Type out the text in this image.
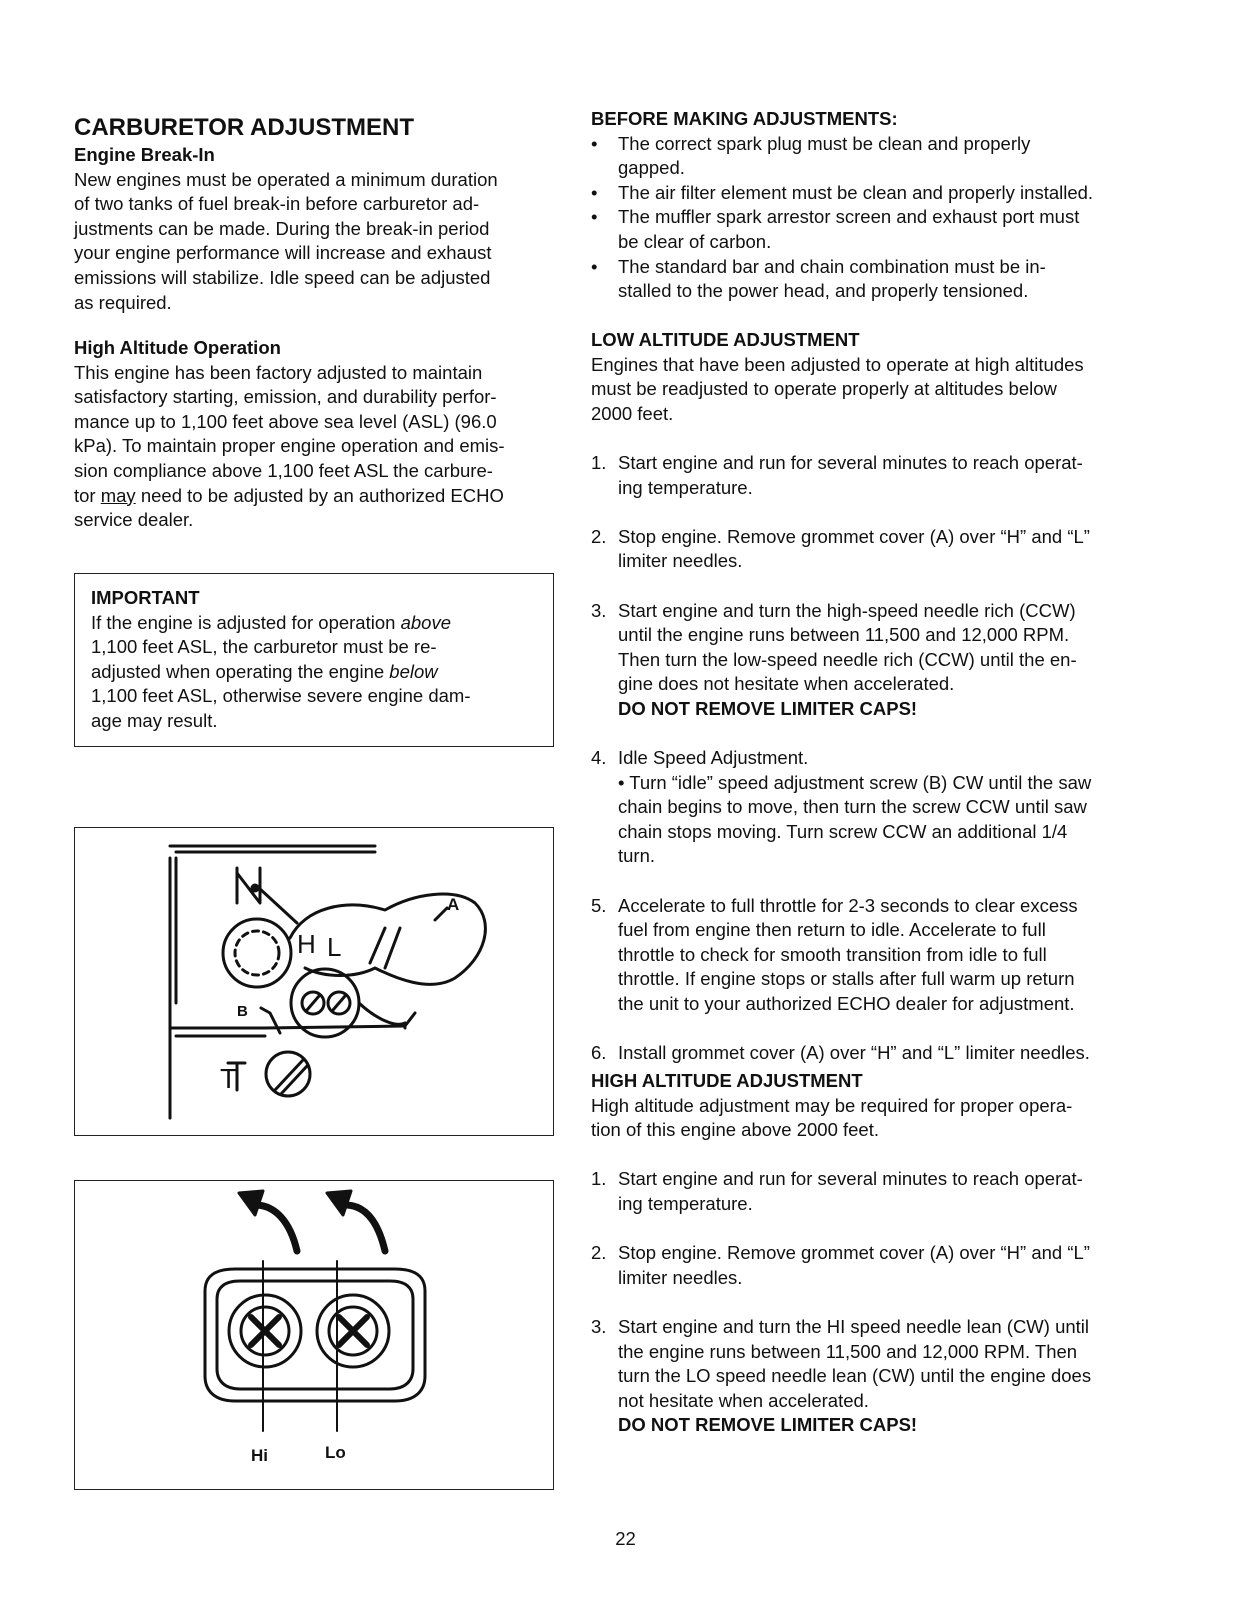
CARBURETOR ADJUSTMENT
Engine Break-In
New engines must be operated a minimum duration
of two tanks of fuel break-in before carburetor ad-
justments can be made. During the break-in period
your engine performance will increase and exhaust
emissions will stabilize. Idle speed can be adjusted
as required.
High Altitude Operation
This engine has been factory adjusted to maintain
satisfactory starting, emission, and durability perfor-
mance up to 1,100 feet above sea level (ASL) (96.0
kPa). To maintain proper engine operation and emis-
sion compliance above 1,100 feet ASL the carbure-
tor may need to be adjusted by an authorized ECHO
service dealer.
IMPORTANT
If the engine is adjusted for operation above
1,100 feet ASL, the carburetor must be re-
adjusted when operating the engine below
1,100 feet ASL, otherwise severe engine dam-
age may result.
A
B
H L
T
Hi	Lo
BEFORE MAKING ADJUSTMENTS:
• The correct spark plug must be clean and properly
gapped.
• The air filter element must be clean and properly installed.
• The muffler spark arrestor screen and exhaust port must
be clear of carbon.
• The standard bar and chain combination must be in-
stalled to the power head, and properly tensioned.
LOW ALTITUDE ADJUSTMENT
Engines that have been adjusted to operate at high altitudes
must be readjusted to operate properly at altitudes below
2000 feet.
1. Start engine and run for several minutes to reach operat-
ing temperature.
2. Stop engine. Remove grommet cover (A) over “H” and “L”
limiter needles.
3. Start engine and turn the high-speed needle rich (CCW)
until the engine runs between 11,500 and 12,000 RPM.
Then turn the low-speed needle rich (CCW) until the en-
gine does not hesitate when accelerated.
DO NOT REMOVE LIMITER CAPS!
4. Idle Speed Adjustment.
• Turn “idle” speed adjustment screw (B) CW until the saw
chain begins to move, then turn the screw CCW until saw
chain stops moving. Turn screw CCW an additional 1/4
turn.
5. Accelerate to full throttle for 2-3 seconds to clear excess
fuel from engine then return to idle. Accelerate to full
throttle to check for smooth transition from idle to full
throttle. If engine stops or stalls after full warm up return
the unit to your authorized ECHO dealer for adjustment.
6. Install grommet cover (A) over “H” and “L” limiter needles.
HIGH ALTITUDE ADJUSTMENT
High altitude adjustment may be required for proper opera-
tion of this engine above 2000 feet.
1. Start engine and run for several minutes to reach operat-
ing temperature.
2. Stop engine. Remove grommet cover (A) over “H” and “L”
limiter needles.
3. Start engine and turn the HI speed needle lean (CW) until
the engine runs between 11,500 and 12,000 RPM. Then
turn the LO speed needle lean (CW) until the engine does
not hesitate when accelerated.
DO NOT REMOVE LIMITER CAPS!
22
